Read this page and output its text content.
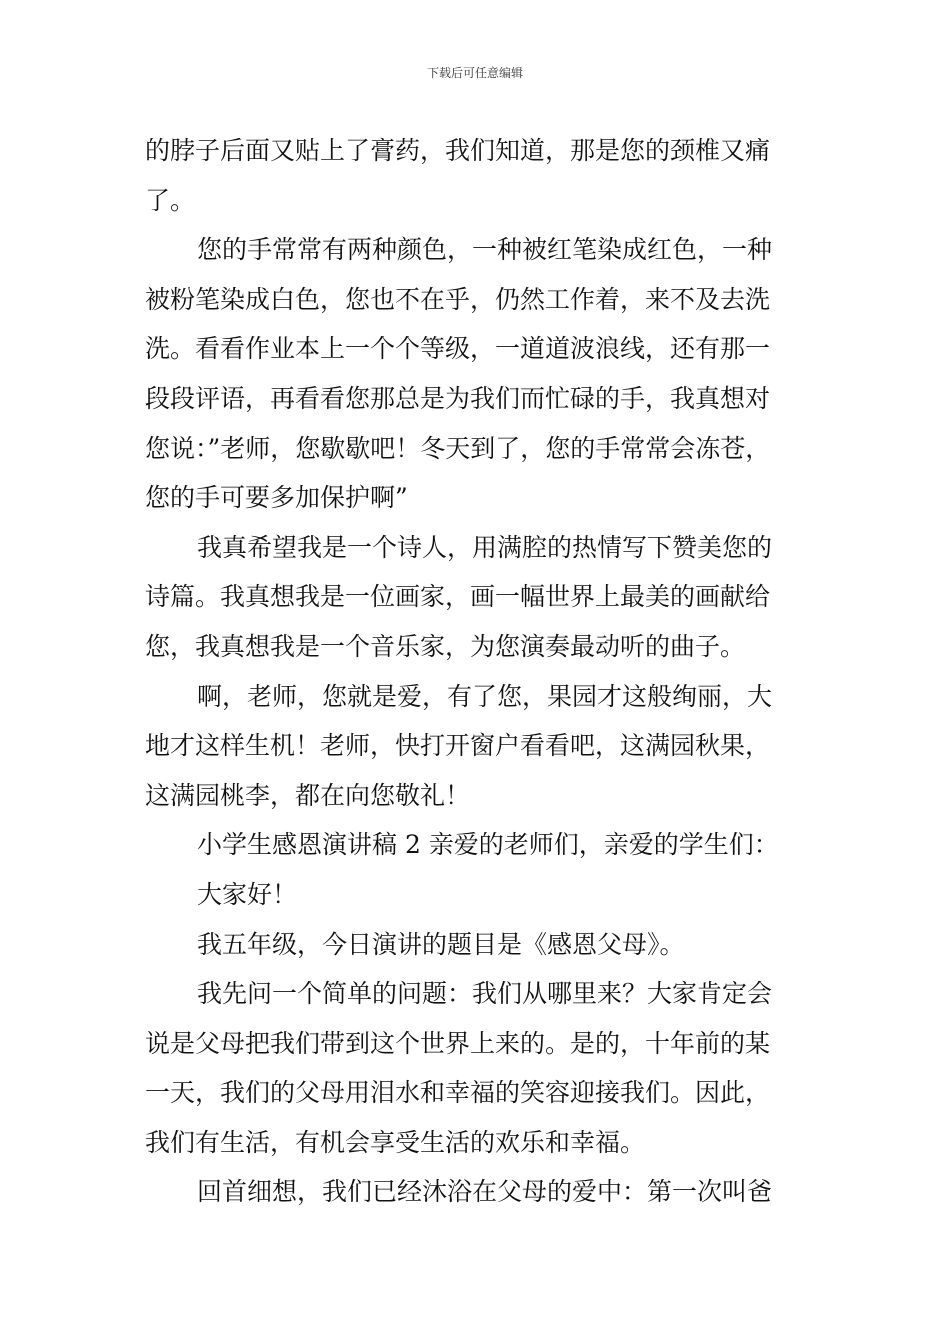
下载后可任意编辑
的脖子后面又贴上了膏药，我们知道，那是您的颈椎又痛
了。
您的手常常有两种颜色，一种被红笔染成红色，一种
被粉笔染成白色，您也不在乎，仍然工作着，来不及去洗
洗。看看作业本上一个个等级，一道道波浪线，还有那一
段段评语，再看看您那总是为我们而忙碌的手，我真想对
您说：”老师，您歇歇吧！冬天到了，您的手常常会冻苍，
您的手可要多加保护啊”
我真希望我是一个诗人，用满腔的热情写下赞美您的
诗篇。我真想我是一位画家，画一幅世界上最美的画献给
您，我真想我是一个音乐家，为您演奏最动听的曲子。
啊，老师，您就是爱，有了您，果园才这般绚丽，大
地才这样生机！老师，快打开窗户看看吧，这满园秋果，
这满园桃李，都在向您敬礼！
小学生感恩演讲稿 2 亲爱的老师们，亲爱的学生们：
大家好！
我五年级，今日演讲的题目是《感恩父母》。
我先问一个简单的问题：我们从哪里来？大家肯定会
说是父母把我们带到这个世界上来的。是的，十年前的某
一天，我们的父母用泪水和幸福的笑容迎接我们。因此，
我们有生活，有机会享受生活的欢乐和幸福。
回首细想，我们已经沐浴在父母的爱中：第一次叫爸
